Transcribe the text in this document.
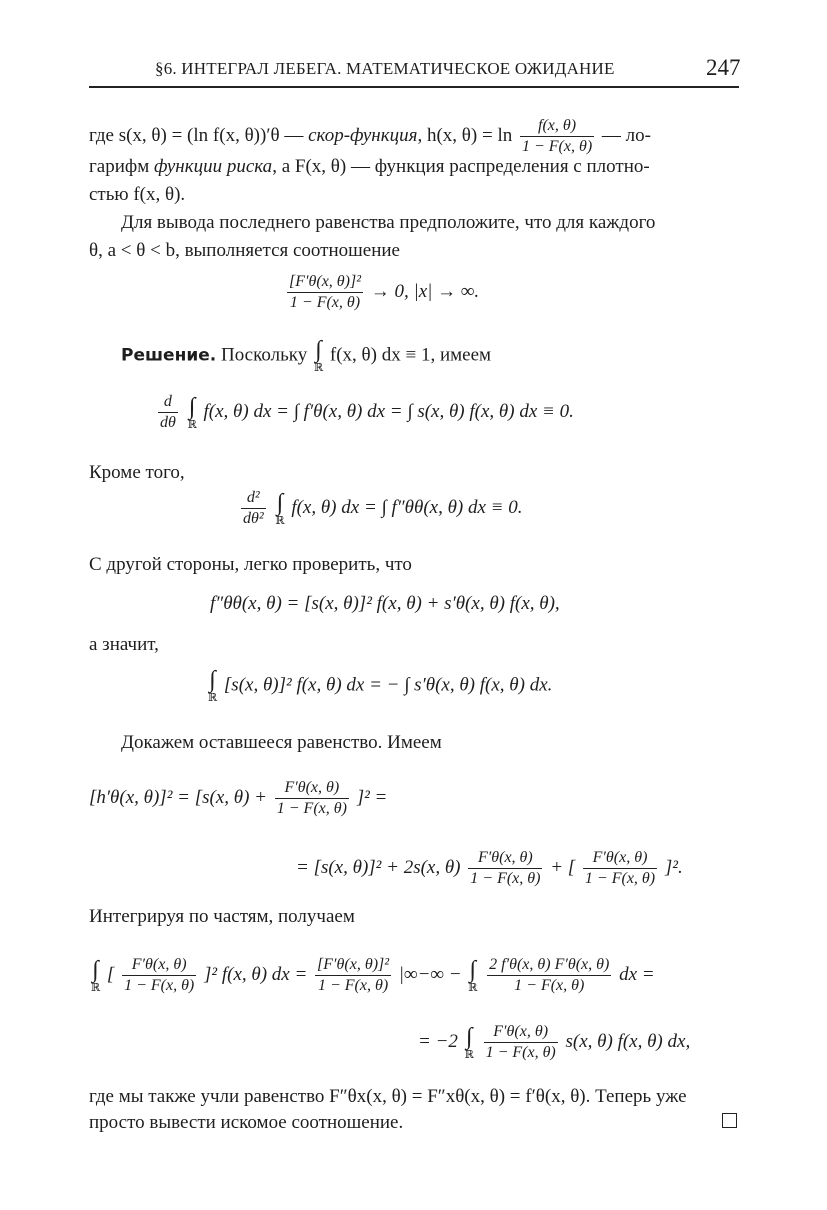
§6. ИНТЕГРАЛ ЛЕБЕГА. МАТЕМАТИЧЕСКОЕ ОЖИДАНИЕ	247
где s(x, θ) = (ln f(x, θ))′θ — скор-функция, h(x, $\theta) = \ln \frac{f(x, \theta)}{1 - F(x, \theta)}$ — ло-
гарифм функции риска, а F(x, θ) — функция распределения с плотно-
стью f(x, θ).
Для вывода последнего равенства предположите, что для каждого
θ, a < θ < b, выполняется соотношение
$\frac{\text{[F′θ(x, θ)]²}}{1 - F(x, \theta)} \to 0$, |x| → ∞.
Решение. Поскольку ∫
ℝ
f(x, θ) dx ≡ 1, имеем
$\frac{d}{d\theta}$
∫
ℝ
f(x, θ) dx = ∫ f′θ(x, θ) dx = ∫ s(x, θ) f(x, θ) dx ≡ 0.
Кроме того,
$\frac{\text{d²}}{\text{dθ²}}$
∫
ℝ
f(x, θ) dx = ∫ f″θθ(x, θ) dx ≡ 0.
С другой стороны, легко проверить, что
f″θθ(x, θ) = [s(x, θ)]² f(x, θ) + s′θ(x, θ) f(x, θ),
а значит,
∫
ℝ
[s(x, θ)]² f(x, θ) dx = − ∫ s′θ(x, θ) f(x, θ) dx.
Докажем оставшееся равенство. Имеем
[h′θ(x, θ)]² = [s(x, $\theta) + \frac{F'\theta(x, \theta)}{1 - F(x, \theta)} ]^2$ =
= [s(x, θ)]² + 2s(x, $\theta) \frac{F'\theta(x, \theta)}{1 - F(x, \theta)}$ + [ $\frac{F'\theta(x, \theta)}{1 - F(x, \theta)} ]^2$.
Интегрируя по частям, получаем
∫
ℝ
[ $\frac{F'\theta(x, \theta)}{1 - F(x, \theta)} ]^2$ f(x, θ) dx = $\frac{\text{[F′θ(x, θ)]²}}{1 - F(x, \theta)}$ |∞−∞ − ∫
ℝ
$\frac{2 f'\theta(x, \theta) F'\theta(x, \theta)}{1 - F(x, \theta)}$ dx =
= −2 ∫
ℝ
$\frac{F'\theta(x, \theta)}{1 - F(x, \theta)} s(x$, θ) f(x, θ) dx,
где мы также учли равенство F″θx(x, θ) = F″xθ(x, θ) = f′θ(x, θ). Теперь уже
просто вывести искомое соотношение.
